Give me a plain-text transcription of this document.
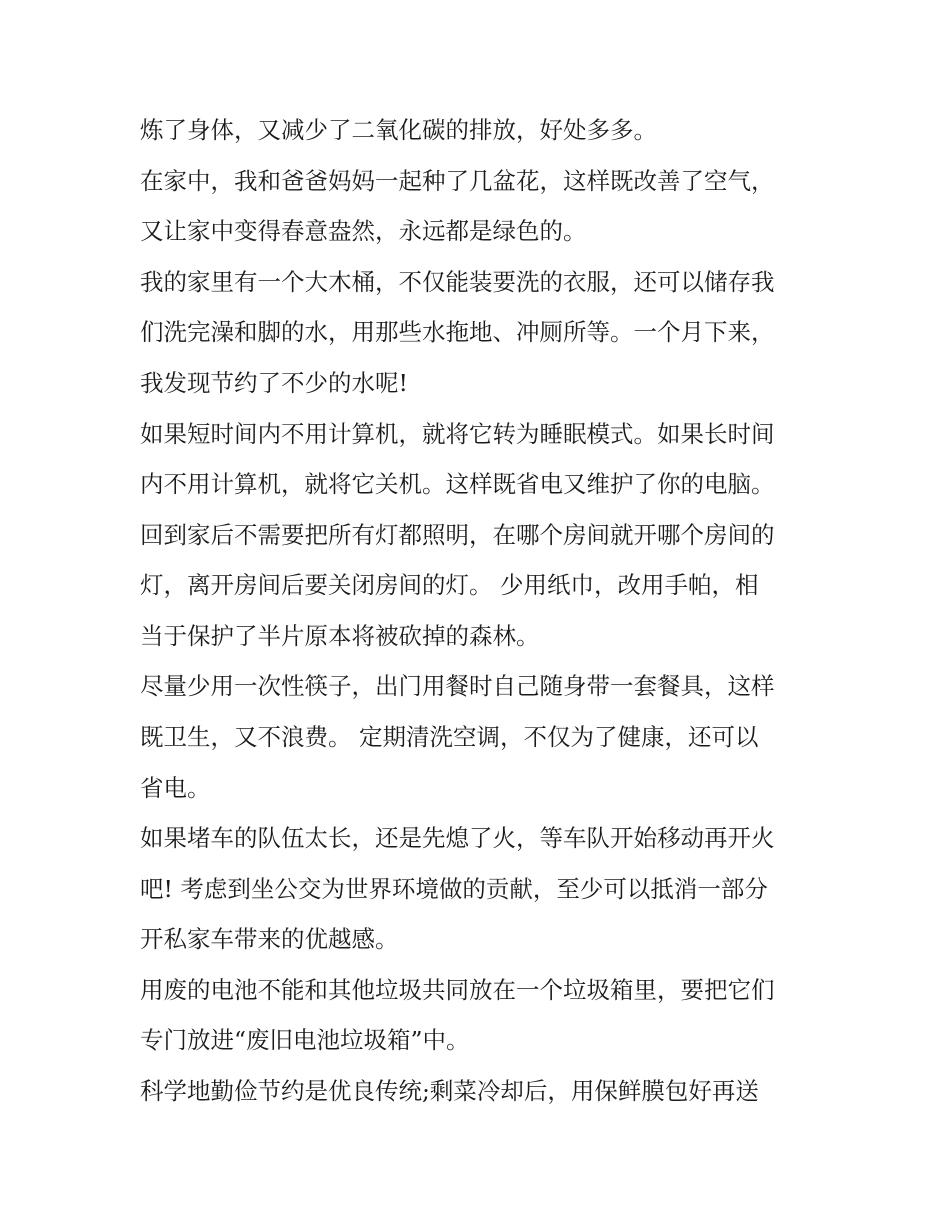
炼了身体，又减少了二氧化碳的排放，好处多多。

在家中，我和爸爸妈妈一起种了几盆花，这样既改善了空气，

又让家中变得春意盎然，永远都是绿色的。

我的家里有一个大木桶，不仅能装要洗的衣服，还可以储存我

们洗完澡和脚的水，用那些水拖地、冲厕所等。一个月下来，

我发现节约了不少的水呢!

如果短时间内不用计算机，就将它转为睡眠模式。如果长时间

内不用计算机，就将它关机。这样既省电又维护了你的电脑。

回到家后不需要把所有灯都照明，在哪个房间就开哪个房间的

灯，离开房间后要关闭房间的灯。 少用纸巾，改用手帕，相

当于保护了半片原本将被砍掉的森林。

尽量少用一次性筷子，出门用餐时自己随身带一套餐具，这样

既卫生，又不浪费。 定期清洗空调，不仅为了健康，还可以

省电。

如果堵车的队伍太长，还是先熄了火，等车队开始移动再开火

吧! 考虑到坐公交为世界环境做的贡献，至少可以抵消一部分

开私家车带来的优越感。

用废的电池不能和其他垃圾共同放在一个垃圾箱里，要把它们

专门放进“废旧电池垃圾箱”中。

科学地勤俭节约是优良传统;剩菜冷却后，用保鲜膜包好再送
